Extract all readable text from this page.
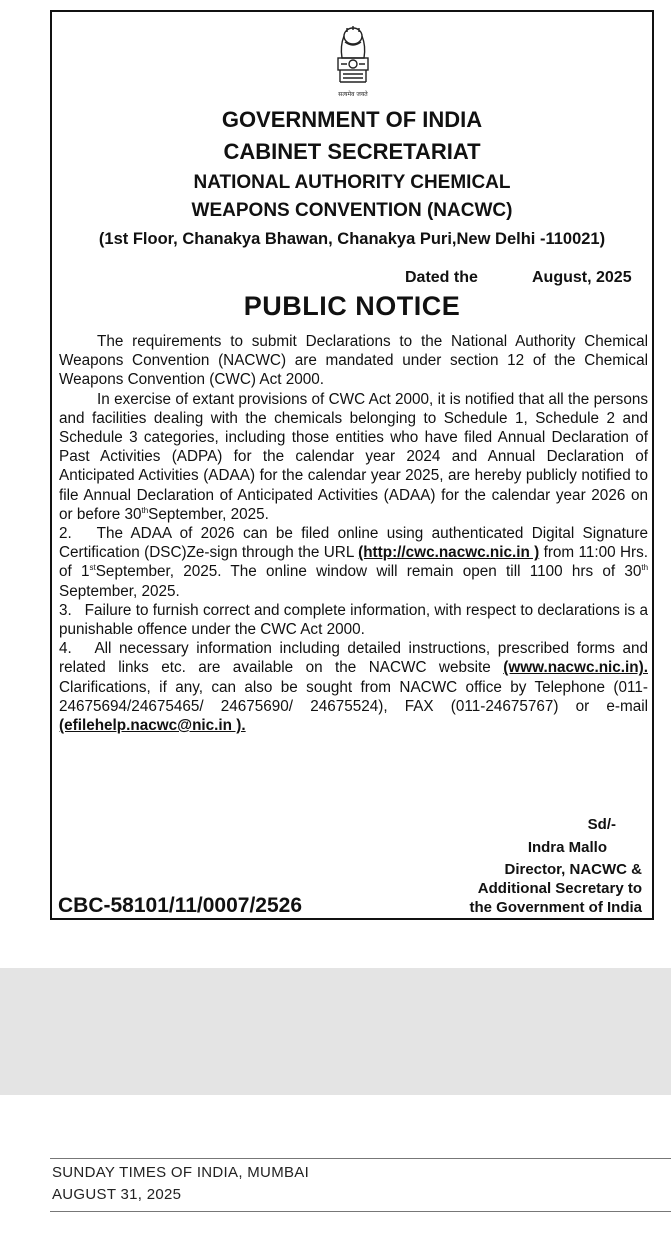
सत्यमेव जयते
GOVERNMENT OF INDIA
CABINET SECRETARIAT
NATIONAL AUTHORITY CHEMICAL
WEAPONS CONVENTION (NACWC)
(1st Floor, Chanakya Bhawan, Chanakya Puri,New Delhi -110021)
Dated the	August, 2025
PUBLIC NOTICE

The requirements to submit Declarations to the National Authority Chemical Weapons Convention (NACWC) are mandated under section 12 of the Chemical Weapons Convention (CWC) Act 2000.

In exercise of extant provisions of CWC Act 2000, it is notified that all the persons and facilities dealing with the chemicals belonging to Schedule 1, Schedule 2 and Schedule 3 categories, including those entities who have filed Annual Declaration of Past Activities (ADPA) for the calendar year 2024 and Annual Declaration of Anticipated Activities (ADAA) for the calendar year 2025, are hereby publicly notified to file Annual Declaration of Anticipated Activities (ADAA) for the calendar year 2026 on or before 30thSeptember, 2025.

2. The ADAA of 2026 can be filed online using authenticated Digital Signature Certification (DSC)Ze-sign through the URL (http://cwc.nacwc.nic.in ) from 11:00 Hrs. of 1stSeptember, 2025. The online window will remain open till 1100 hrs of 30th September, 2025.

3. Failure to furnish correct and complete information, with respect to declarations is a punishable offence under the CWC Act 2000.

4. All necessary information including detailed instructions, prescribed forms and related links etc. are available on the NACWC website (www.nacwc.nic.in). Clarifications, if any, can also be sought from NACWC office by Telephone (011- 24675694/24675465/ 24675690/ 24675524), FAX (011-24675767) or e-mail (efilehelp.nacwc@nic.in ).

Sd/-
Indra Mallo
Director, NACWC &
Additional Secretary to
the Government of India
CBC-58101/11/0007/2526
SUNDAY TIMES OF INDIA, MUMBAI
AUGUST 31, 2025
